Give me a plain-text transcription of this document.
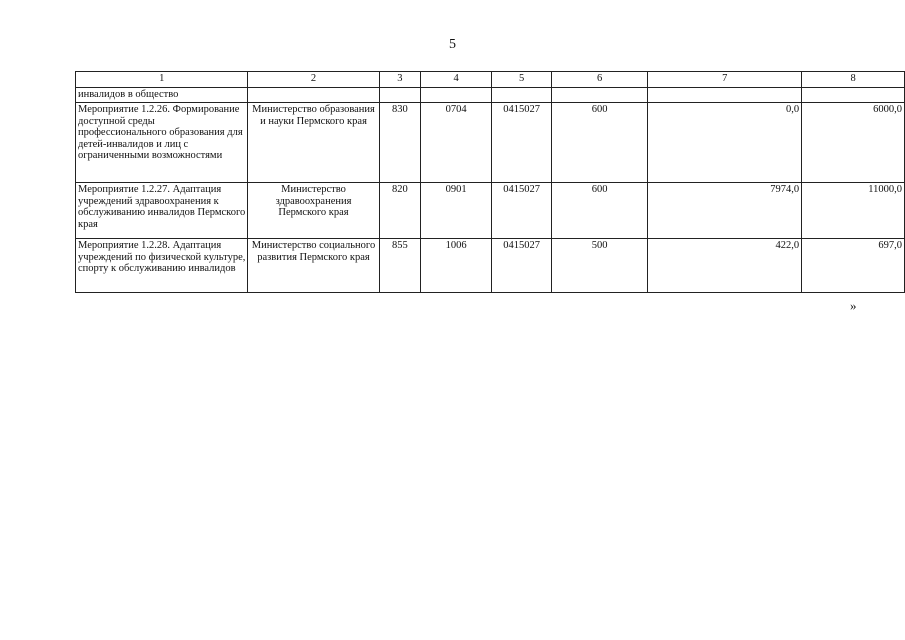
5
1	2	3	4	5	6	7	8
инвалидов в общество							
Мероприятие 1.2.26. Формирование доступной среды профессионального образования для детей-инвалидов и лиц с ограниченными возможностями	Министерство образования и науки Пермского края	830	0704	0415027	600	0,0	6000,0
Мероприятие 1.2.27. Адаптация учреждений здравоохранения к обслуживанию инвалидов Пермского края	Министерство здравоохранения Пермского края	820	0901	0415027	600	7974,0	11000,0
Мероприятие 1.2.28. Адаптация учреждений по физической культуре, спорту к обслуживанию инвалидов	Министерство социального развития Пермского края	855	1006	0415027	500	422,0	697,0
»
